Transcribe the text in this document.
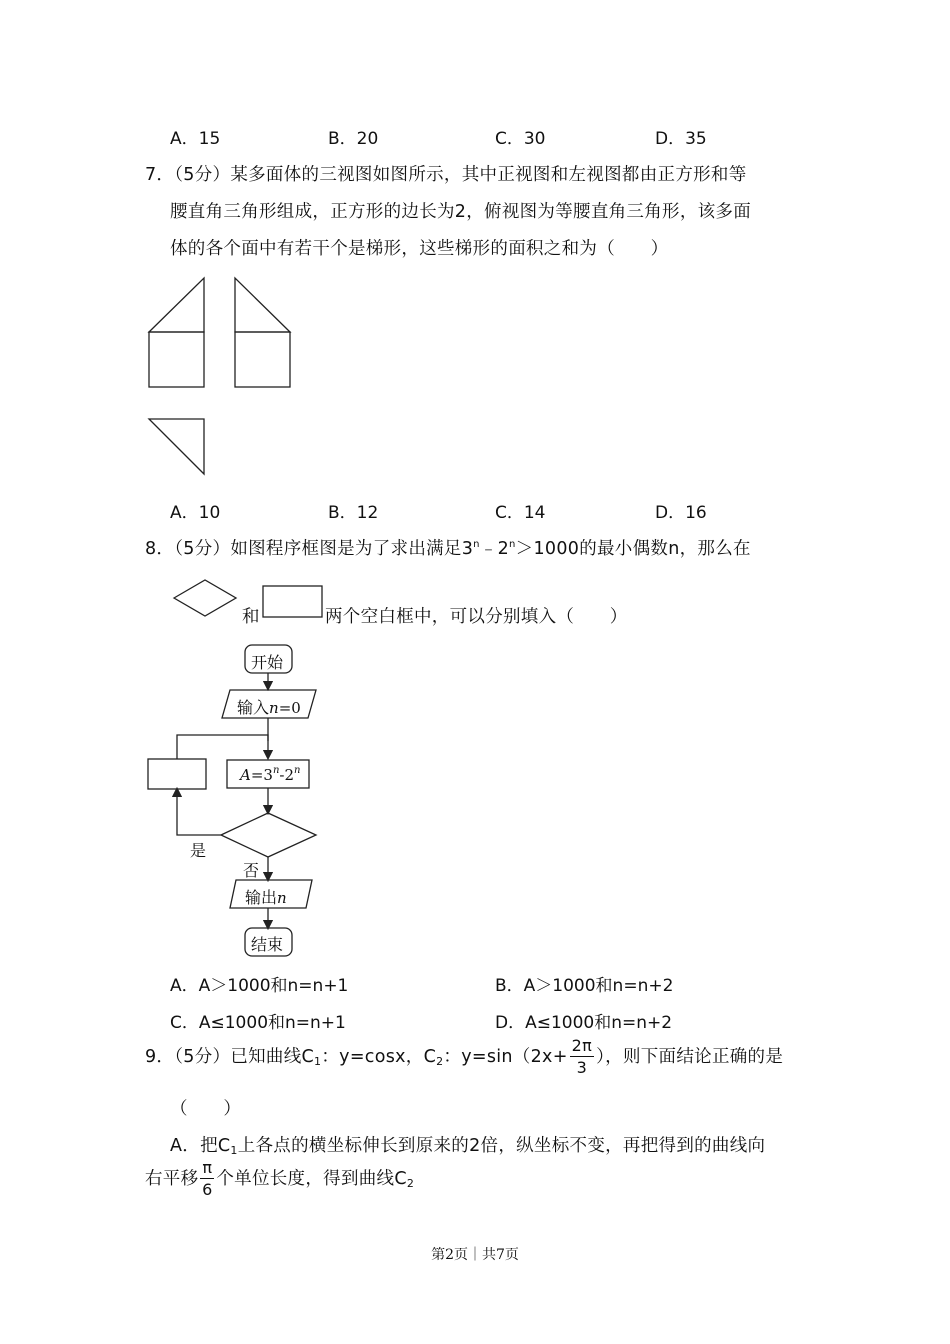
A．15	B．20	C．30	D．35
7．（5分）某多面体的三视图如图所示，其中正视图和左视图都由正方形和等
腰直角三角形组成，正方形的边长为2，俯视图为等腰直角三角形，该多面
体的各个面中有若干个是梯形，这些梯形的面积之和为（　　）
A．10	B．12	C．14	D．16
8．（5分）如图程序框图是为了求出满足$3^n﹣2^n>1000$的最小偶数n，那么在
和	两个空白框中，可以分别填入（　　）
开始
输入n=0
$A=3^n-2^n$
是
否
输出n
结束
A．A＞1000和n=n+1	B．A＞1000和n=n+2
C．A≤1000和n=n+1	D．A≤1000和n=n+2
9．（5分）已知曲线$C_1$：y=cosx，$C_2$：$y=\sin(2x+ \frac{2\pi}{3}$ ），则下面结论正确的是
（　　）
A．把$C_1$上各点的横坐标伸长到原来的2倍，纵坐标不变，再把得到的曲线向
右平移 $\frac{\pi}{6}$ 个单位长度，得到曲线$C_2$
第2页｜共7页
